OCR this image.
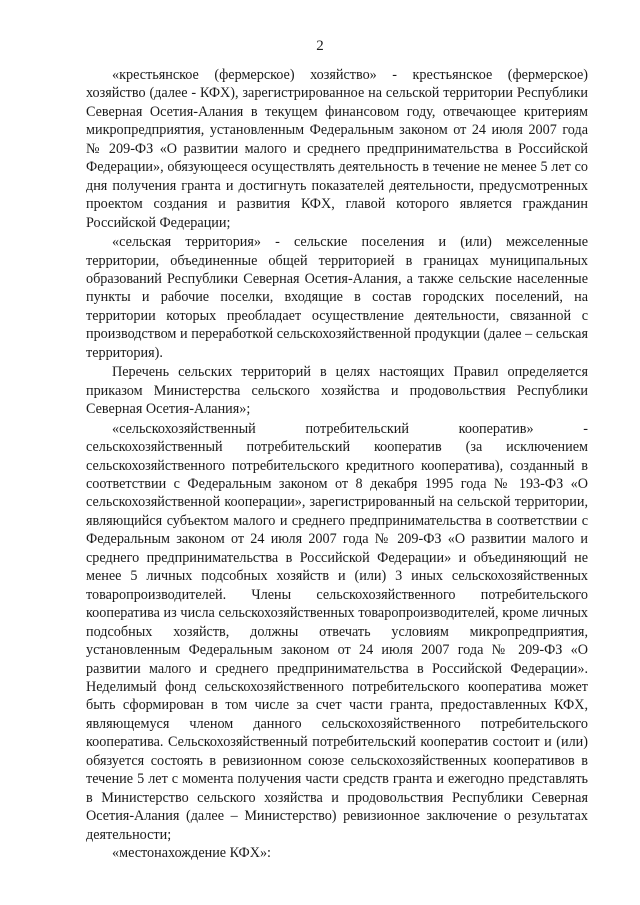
2

«крестьянское (фермерское) хозяйство» - крестьянское (фермерское) хозяйство (далее - КФХ), зарегистрированное на сельской территории Республики Северная Осетия-Алания в текущем финансовом году, отвечающее критериям микропредприятия, установленным Федеральным законом от 24 июля 2007 года № 209-ФЗ «О развитии малого и среднего предпринимательства в Российской Федерации», обязующееся осуществлять деятельность в течение не менее 5 лет со дня получения гранта и достигнуть показателей деятельности, предусмотренных проектом создания и развития КФХ, главой которого является гражданин Российской Федерации;

«сельская территория» - сельские поселения и (или) межселенные территории, объединенные общей территорией в границах муниципальных образований Республики Северная Осетия-Алания, а также сельские населенные пункты и рабочие поселки, входящие в состав городских поселений, на территории которых преобладает осуществление деятельности, связанной с производством и переработкой сельскохозяйственной продукции (далее – сельская территория).

Перечень сельских территорий в целях настоящих Правил определяется приказом Министерства сельского хозяйства и продовольствия Республики Северная Осетия-Алания»;

«сельскохозяйственный потребительский кооператив» - сельскохозяйственный потребительский кооператив (за исключением сельскохозяйственного потребительского кредитного кооператива), созданный в соответствии с Федеральным законом от 8 декабря 1995 года № 193-ФЗ «О сельскохозяйственной кооперации», зарегистрированный на сельской территории, являющийся субъектом малого и среднего предпринимательства в соответствии с Федеральным законом от 24 июля 2007 года № 209-ФЗ «О развитии малого и среднего предпринимательства в Российской Федерации» и объединяющий не менее 5 личных подсобных хозяйств и (или) 3 иных сельскохозяйственных товаропроизводителей. Члены сельскохозяйственного потребительского кооператива из числа сельскохозяйственных товаропроизводителей, кроме личных подсобных хозяйств, должны отвечать условиям микропредприятия, установленным Федеральным законом от 24 июля 2007 года № 209-ФЗ «О развитии малого и среднего предпринимательства в Российской Федерации». Неделимый фонд сельскохозяйственного потребительского кооператива может быть сформирован в том числе за счет части гранта, предоставленных КФХ, являющемуся членом данного сельскохозяйственного потребительского кооператива. Сельскохозяйственный потребительский кооператив состоит и (или) обязуется состоять в ревизионном союзе сельскохозяйственных кооперативов в течение 5 лет с момента получения части средств гранта и ежегодно представлять в Министерство сельского хозяйства и продовольствия Республики Северная Осетия-Алания (далее – Министерство) ревизионное заключение о результатах деятельности;

«местонахождение КФХ»:
